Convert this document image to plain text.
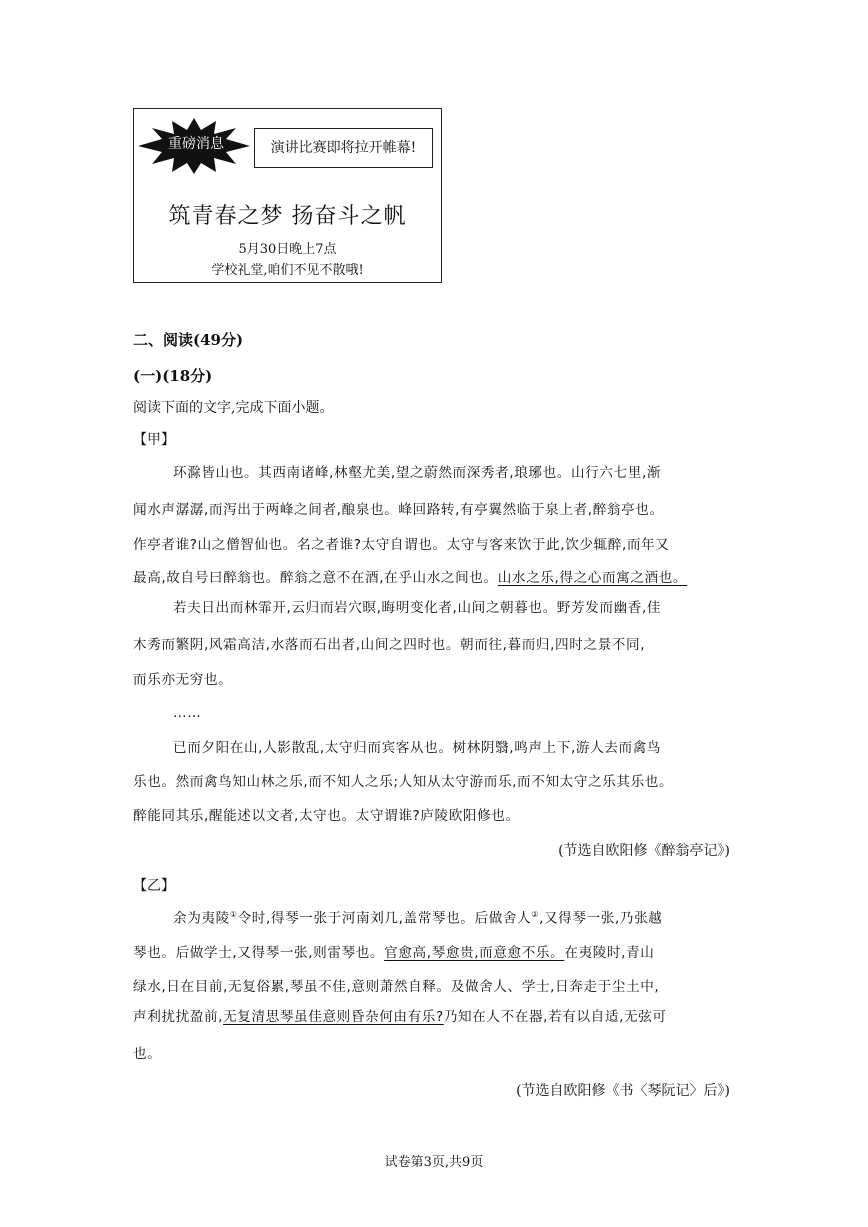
重磅消息	演讲比赛即将拉开帷幕!
筑青春之梦 扬奋斗之帆
5月30日晚上7点
学校礼堂,咱们不见不散哦!
二、阅读(49分)
(一)(18分)
阅读下面的文字,完成下面小题。
【甲】
环滁皆山也。其西南诸峰,林壑尤美,望之蔚然而深秀者,琅琊也。山行六七里,渐
闻水声潺潺,而泻出于两峰之间者,酿泉也。峰回路转,有亭翼然临于泉上者,醉翁亭也。
作亭者谁?山之僧智仙也。名之者谁?太守自谓也。太守与客来饮于此,饮少辄醉,而年又
最高,故自号曰醉翁也。醉翁之意不在酒,在乎山水之间也。山水之乐,得之心而寓之酒也。
若夫日出而林霏开,云归而岩穴暝,晦明变化者,山间之朝暮也。野芳发而幽香,佳
木秀而繁阴,风霜高洁,水落而石出者,山间之四时也。朝而往,暮而归,四时之景不同,
而乐亦无穷也。
……
已而夕阳在山,人影散乱,太守归而宾客从也。树林阴翳,鸣声上下,游人去而禽鸟
乐也。然而禽鸟知山林之乐,而不知人之乐;人知从太守游而乐,而不知太守之乐其乐也。
醉能同其乐,醒能述以文者,太守也。太守谓谁?庐陵欧阳修也。
(节选自欧阳修《醉翁亭记》)
【乙】
余为夷陵①令时,得琴一张于河南刘几,盖常琴也。后做舍人②,又得琴一张,乃张越
琴也。后做学士,又得琴一张,则雷琴也。官愈高,琴愈贵,而意愈不乐。在夷陵时,青山
绿水,日在目前,无复俗累,琴虽不佳,意则萧然自释。及做舍人、学士,日奔走于尘土中,
声利扰扰盈前,无复清思琴虽佳意则昏杂何由有乐?乃知在人不在器,若有以自适,无弦可
也。
(节选自欧阳修《书〈琴阮记〉后》)
试卷第3页,共9页
